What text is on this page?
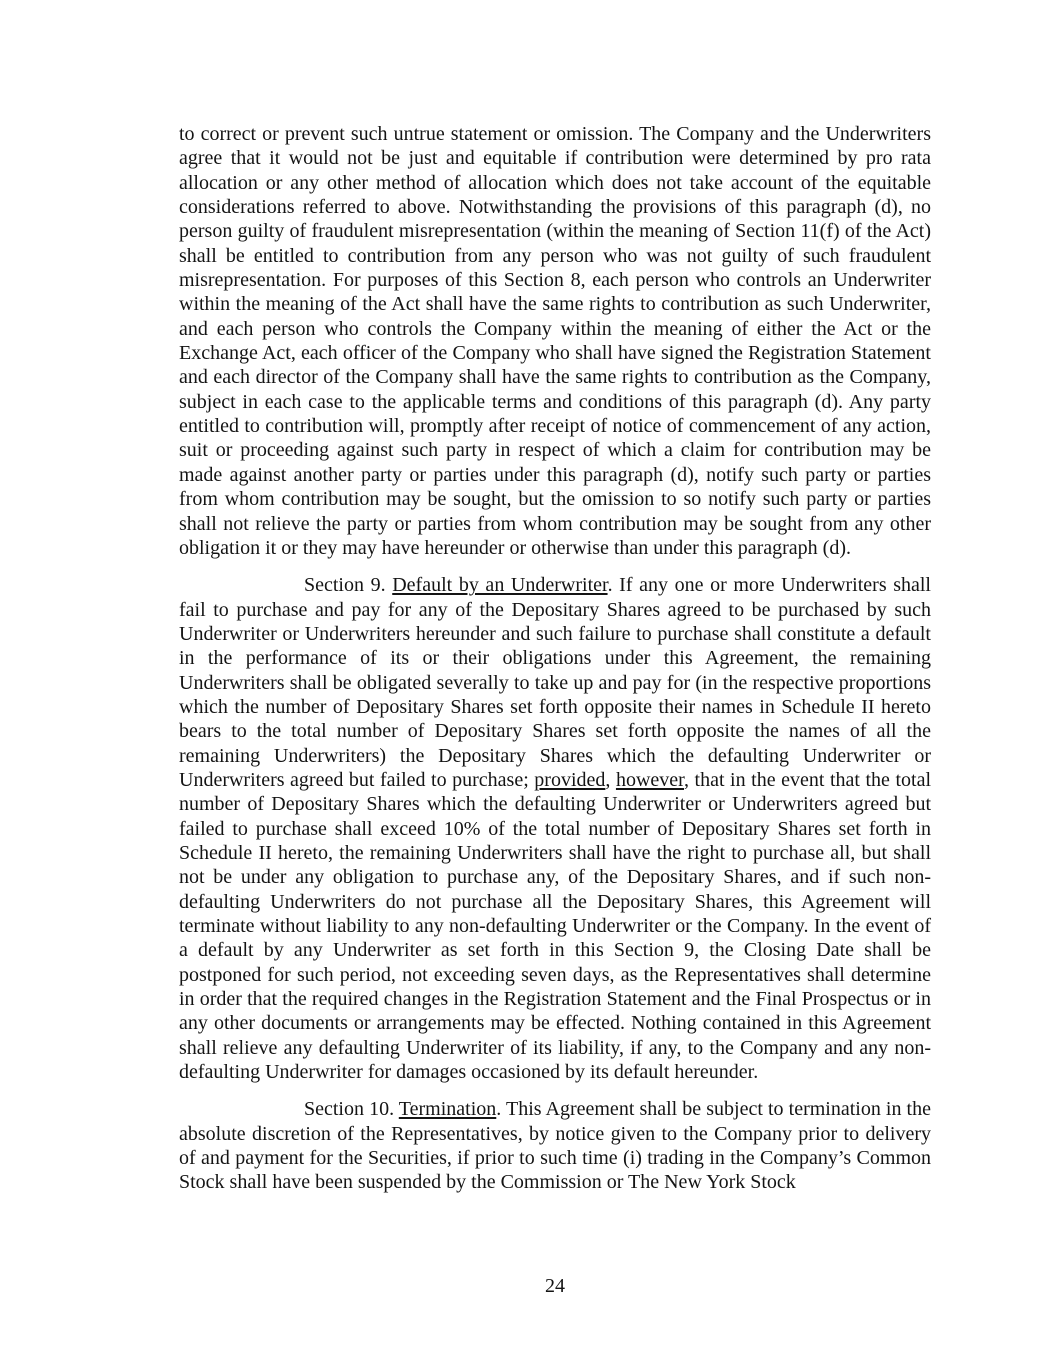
to correct or prevent such untrue statement or omission. The Company and the Underwriters agree that it would not be just and equitable if contribution were determined by pro rata allocation or any other method of allocation which does not take account of the equitable considerations referred to above. Notwithstanding the provisions of this paragraph (d), no person guilty of fraudulent misrepresentation (within the meaning of Section 11(f) of the Act) shall be entitled to contribution from any person who was not guilty of such fraudulent misrepresentation. For purposes of this Section 8, each person who controls an Underwriter within the meaning of the Act shall have the same rights to contribution as such Underwriter, and each person who controls the Company within the meaning of either the Act or the Exchange Act, each officer of the Company who shall have signed the Registration Statement and each director of the Company shall have the same rights to contribution as the Company, subject in each case to the applicable terms and conditions of this paragraph (d). Any party entitled to contribution will, promptly after receipt of notice of commencement of any action, suit or proceeding against such party in respect of which a claim for contribution may be made against another party or parties under this paragraph (d), notify such party or parties from whom contribution may be sought, but the omission to so notify such party or parties shall not relieve the party or parties from whom contribution may be sought from any other obligation it or they may have hereunder or otherwise than under this paragraph (d).

Section 9. Default by an Underwriter. If any one or more Underwriters shall fail to purchase and pay for any of the Depositary Shares agreed to be purchased by such Underwriter or Underwriters hereunder and such failure to purchase shall constitute a default in the performance of its or their obligations under this Agreement, the remaining Underwriters shall be obligated severally to take up and pay for (in the respective proportions which the number of Depositary Shares set forth opposite their names in Schedule II hereto bears to the total number of Depositary Shares set forth opposite the names of all the remaining Underwriters) the Depositary Shares which the defaulting Underwriter or Underwriters agreed but failed to purchase; provided, however, that in the event that the total number of Depositary Shares which the defaulting Underwriter or Underwriters agreed but failed to purchase shall exceed 10% of the total number of Depositary Shares set forth in Schedule II hereto, the remaining Underwriters shall have the right to purchase all, but shall not be under any obligation to purchase any, of the Depositary Shares, and if such non-defaulting Underwriters do not purchase all the Depositary Shares, this Agreement will terminate without liability to any non-defaulting Underwriter or the Company. In the event of a default by any Underwriter as set forth in this Section 9, the Closing Date shall be postponed for such period, not exceeding seven days, as the Representatives shall determine in order that the required changes in the Registration Statement and the Final Prospectus or in any other documents or arrangements may be effected. Nothing contained in this Agreement shall relieve any defaulting Underwriter of its liability, if any, to the Company and any non-defaulting Underwriter for damages occasioned by its default hereunder.

Section 10. Termination. This Agreement shall be subject to termination in the absolute discretion of the Representatives, by notice given to the Company prior to delivery of and payment for the Securities, if prior to such time (i) trading in the Company’s Common Stock shall have been suspended by the Commission or The New York Stock

24
